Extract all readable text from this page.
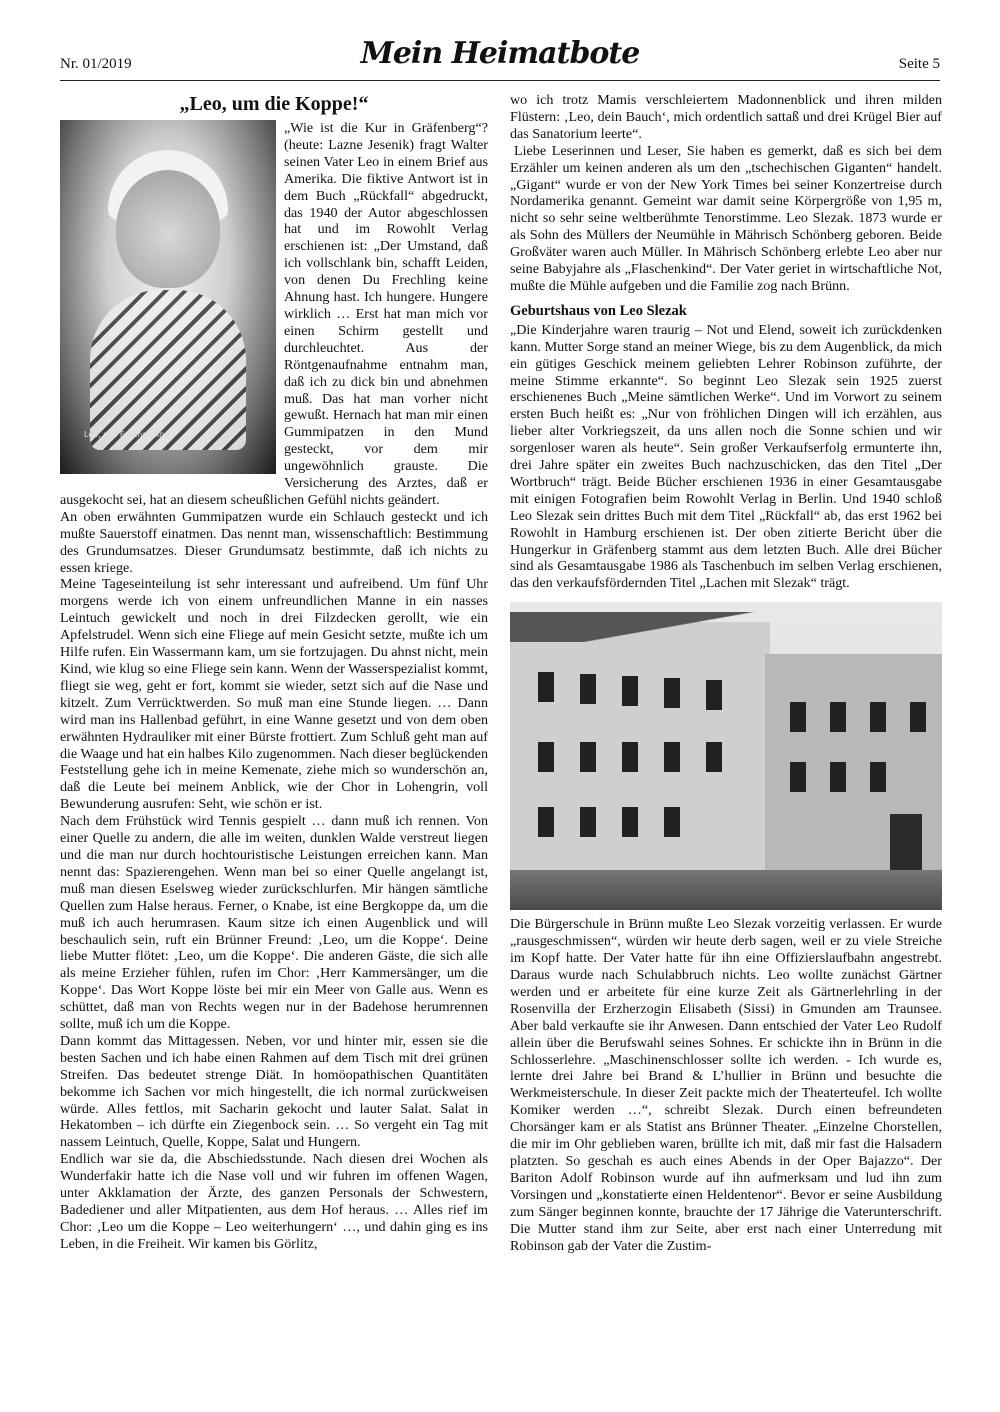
Nr. 01/2019	Mein Heimatbote	Seite 5
„Leo, um die Koppe!“
Leo, das Faschenkind

„Wie ist die Kur in Gräfenberg“? (heute: Lazne Jesenik) fragt Walter seinen Vater Leo in einem Brief aus Amerika. Die fiktive Antwort ist in dem Buch „Rückfall“ abgedruckt, das 1940 der Autor abgeschlossen hat und im Rowohlt Verlag erschienen ist: „Der Umstand, daß ich vollschlank bin, schafft Leiden, von denen Du Frechling keine Ahnung hast. Ich hungere. Hungere wirklich … Erst hat man mich vor einen Schirm gestellt und durchleuchtet. Aus der Röntgenaufnahme entnahm man, daß ich zu dick bin und abnehmen muß. Das hat man vorher nicht gewußt. Hernach hat man mir einen Gummipatzen in den Mund gesteckt, vor dem mir ungewöhnlich grauste. Die Versicherung des Arztes, daß er ausgekocht sei, hat an diesem scheußlichen Gefühl nichts geändert.

An oben erwähnten Gummipatzen wurde ein Schlauch gesteckt und ich mußte Sauerstoff einatmen. Das nennt man, wissenschaftlich: Bestimmung des Grundumsatzes. Dieser Grundumsatz bestimmte, daß ich nichts zu essen kriege.

Meine Tageseinteilung ist sehr interessant und aufreibend. Um fünf Uhr morgens werde ich von einem unfreundlichen Manne in ein nasses Leintuch gewickelt und noch in drei Filzdecken gerollt, wie ein Apfelstrudel. Wenn sich eine Fliege auf mein Gesicht setzte, mußte ich um Hilfe rufen. Ein Wassermann kam, um sie fortzujagen. Du ahnst nicht, mein Kind, wie klug so eine Fliege sein kann. Wenn der Wasserspezialist kommt, fliegt sie weg, geht er fort, kommt sie wieder, setzt sich auf die Nase und kitzelt. Zum Verrücktwerden. So muß man eine Stunde liegen. … Dann wird man ins Hallenbad geführt, in eine Wanne gesetzt und von dem oben erwähnten Hydrauliker mit einer Bürste frottiert. Zum Schluß geht man auf die Waage und hat ein halbes Kilo zugenommen. Nach dieser beglückenden Feststellung gehe ich in meine Kemenate, ziehe mich so wunderschön an, daß die Leute bei meinem Anblick, wie der Chor in Lohengrin, voll Bewunderung ausrufen: Seht, wie schön er ist.

Nach dem Frühstück wird Tennis gespielt … dann muß ich rennen. Von einer Quelle zu andern, die alle im weiten, dunklen Walde verstreut liegen und die man nur durch hochtouristische Leistungen erreichen kann. Man nennt das: Spazierengehen. Wenn man bei so einer Quelle angelangt ist, muß man diesen Eselsweg wieder zurückschlurfen. Mir hängen sämtliche Quellen zum Halse heraus. Ferner, o Knabe, ist eine Bergkoppe da, um die muß ich auch herumrasen. Kaum sitze ich einen Augenblick und will beschaulich sein, ruft ein Brünner Freund: ‚Leo, um die Koppe‘. Deine liebe Mutter flötet: ‚Leo, um die Koppe‘. Die anderen Gäste, die sich alle als meine Erzieher fühlen, rufen im Chor: ‚Herr Kammersänger, um die Koppe‘. Das Wort Koppe löste bei mir ein Meer von Galle aus. Wenn es schüttet, daß man von Rechts wegen nur in der Badehose herumrennen sollte, muß ich um die Koppe.

Dann kommt das Mittagessen. Neben, vor und hinter mir, essen sie die besten Sachen und ich habe einen Rahmen auf dem Tisch mit drei grünen Streifen. Das bedeutet strenge Diät. In homöopathischen Quantitäten bekomme ich Sachen vor mich hingestellt, die ich normal zurückweisen würde. Alles fettlos, mit Sacharin gekocht und lauter Salat. Salat in Hekatomben – ich dürfte ein Ziegenbock sein. … So vergeht ein Tag mit nassem Leintuch, Quelle, Koppe, Salat und Hungern.

Endlich war sie da, die Abschiedsstunde. Nach diesen drei Wochen als Wunderfakir hatte ich die Nase voll und wir fuhren im offenen Wagen, unter Akklamation der Ärzte, des ganzen Personals der Schwestern, Badediener und aller Mitpatienten, aus dem Hof heraus. … Alles rief im Chor: ‚Leo um die Koppe – Leo weiterhungern‘ …, und dahin ging es ins Leben, in die Freiheit. Wir kamen bis Görlitz,

wo ich trotz Mamis verschleiertem Madonnenblick und ihren milden Flüstern: ‚Leo, dein Bauch‘, mich ordentlich sattaß und drei Krügel Bier auf das Sanatorium leerte“.

Liebe Leserinnen und Leser, Sie haben es gemerkt, daß es sich bei dem Erzähler um keinen anderen als um den „tschechischen Giganten“ handelt. „Gigant“ wurde er von der New York Times bei seiner Konzertreise durch Nordamerika genannt. Gemeint war damit seine Körpergröße von 1,95 m, nicht so sehr seine weltberühmte Tenorstimme. Leo Slezak. 1873 wurde er als Sohn des Müllers der Neumühle in Mährisch Schönberg geboren. Beide Großväter waren auch Müller. In Mährisch Schönberg erlebte Leo aber nur seine Babyjahre als „Flaschenkind“. Der Vater geriet in wirtschaftliche Not, mußte die Mühle aufgeben und die Familie zog nach Brünn.

Geburtshaus von Leo Slezak

„Die Kinderjahre waren traurig – Not und Elend, soweit ich zurückdenken kann. Mutter Sorge stand an meiner Wiege, bis zu dem Augenblick, da mich ein gütiges Geschick meinem geliebten Lehrer Robinson zuführte, der meine Stimme erkannte“. So beginnt Leo Slezak sein 1925 zuerst erschienenes Buch „Meine sämtlichen Werke“. Und im Vorwort zu seinem ersten Buch heißt es: „Nur von fröhlichen Dingen will ich erzählen, aus lieber alter Vorkriegszeit, da uns allen noch die Sonne schien und wir sorgenloser waren als heute“. Sein großer Verkaufserfolg ermunterte ihn, drei Jahre später ein zweites Buch nachzuschicken, das den Titel „Der Wortbruch“ trägt. Beide Bücher erschienen 1936 in einer Gesamtausgabe mit einigen Fotografien beim Rowohlt Verlag in Berlin. Und 1940 schloß Leo Slezak sein drittes Buch mit dem Titel „Rückfall“ ab, das erst 1962 bei Rowohlt in Hamburg erschienen ist. Der oben zitierte Bericht über die Hungerkur in Gräfenberg stammt aus dem letzten Buch. Alle drei Bücher sind als Gesamtausgabe 1986 als Taschenbuch im selben Verlag erschienen, das den verkaufsfördernden Titel „Lachen mit Slezak“ trägt.

Die Bürgerschule in Brünn mußte Leo Slezak vorzeitig verlassen. Er wurde „rausgeschmissen“, würden wir heute derb sagen, weil er zu viele Streiche im Kopf hatte. Der Vater hatte für ihn eine Offizierslaufbahn angestrebt. Daraus wurde nach Schulabbruch nichts. Leo wollte zunächst Gärtner werden und er arbeitete für eine kurze Zeit als Gärtnerlehrling in der Rosenvilla der Erzherzogin Elisabeth (Sissi) in Gmunden am Traunsee. Aber bald verkaufte sie ihr Anwesen. Dann entschied der Vater Leo Rudolf allein über die Berufswahl seines Sohnes. Er schickte ihn in Brünn in die Schlosserlehre. „Maschinenschlosser sollte ich werden. - Ich wurde es, lernte drei Jahre bei Brand & L’hullier in Brünn und besuchte die Werkmeisterschule. In dieser Zeit packte mich der Theaterteufel. Ich wollte Komiker werden …“, schreibt Slezak. Durch einen befreundeten Chorsänger kam er als Statist ans Brünner Theater. „Einzelne Chorstellen, die mir im Ohr geblieben waren, brüllte ich mit, daß mir fast die Halsadern platzten. So geschah es auch eines Abends in der Oper Bajazzo“. Der Bariton Adolf Robinson wurde auf ihn aufmerksam und lud ihn zum Vorsingen und „konstatierte einen Heldentenor“. Bevor er seine Ausbildung zum Sänger beginnen konnte, brauchte der 17 Jährige die Vaterunterschrift. Die Mutter stand ihm zur Seite, aber erst nach einer Unterredung mit Robinson gab der Vater die Zustim-
